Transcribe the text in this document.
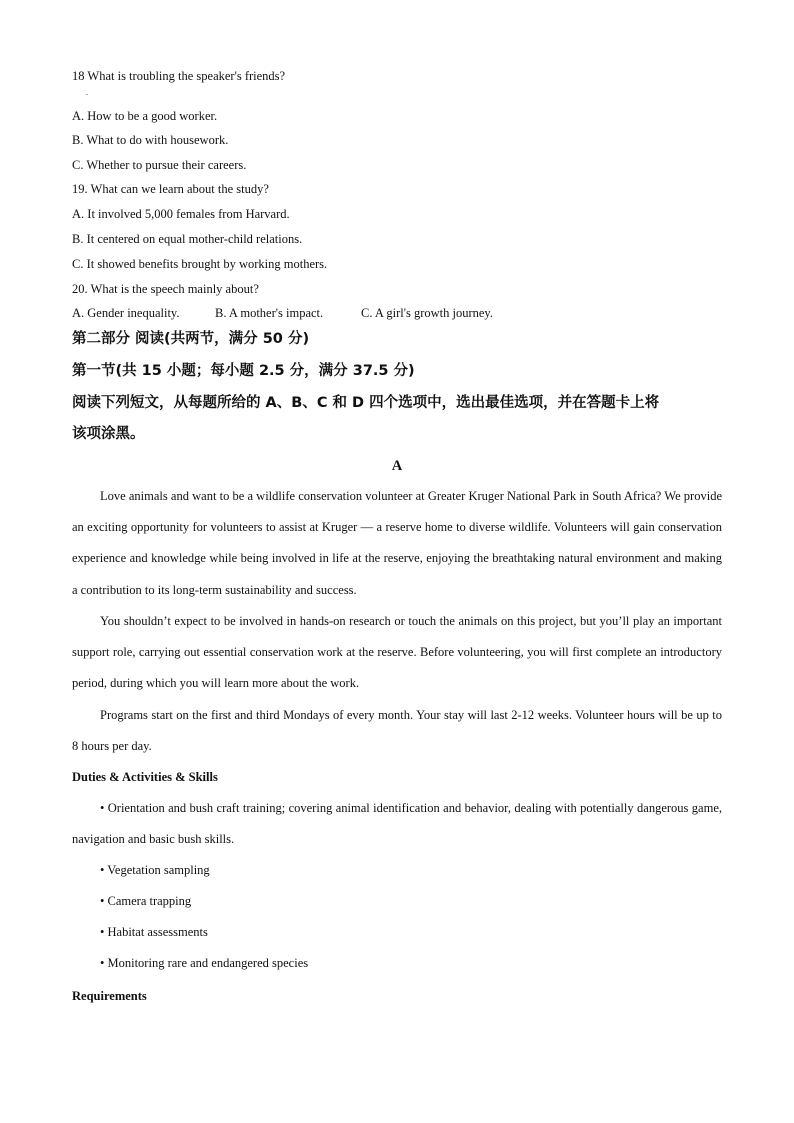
18 What is troubling the speaker's friends?
.
A. How to be a good worker.
B. What to do with housework.
C. Whether to pursue their careers.
19. What can we learn about the study?
A. It involved 5,000 females from Harvard.
B. It centered on equal mother-child relations.
C. It showed benefits brought by working mothers.
20. What is the speech mainly about?
A. Gender inequality.	B. A mother's impact.	C. A girl's growth journey.
第二部分 阅读(共两节，满分 50 分)
第一节(共 15 小题；每小题 2.5 分，满分 37.5 分)
阅读下列短文，从每题所给的 A、B、C 和 D 四个选项中，选出最佳选项，并在答题卡上将
该项涂黑。
A
Love animals and want to be a wildlife conservation volunteer at Greater Kruger National Park in South Africa? We provide an exciting opportunity for volunteers to assist at Kruger — a reserve home to diverse wildlife. Volunteers will gain conservation experience and knowledge while being involved in life at the reserve, enjoying the breathtaking natural environment and making a contribution to its long-term sustainability and success.
You shouldn’t expect to be involved in hands-on research or touch the animals on this project, but you’ll play an important support role, carrying out essential conservation work at the reserve. Before volunteering, you will first complete an introductory period, during which you will learn more about the work.
Programs start on the first and third Mondays of every month. Your stay will last 2-12 weeks. Volunteer hours will be up to 8 hours per day.
Duties & Activities & Skills
• Orientation and bush craft training; covering animal identification and behavior, dealing with potentially dangerous game, navigation and basic bush skills.
• Vegetation sampling
• Camera trapping
• Habitat assessments
• Monitoring rare and endangered species
Requirements
